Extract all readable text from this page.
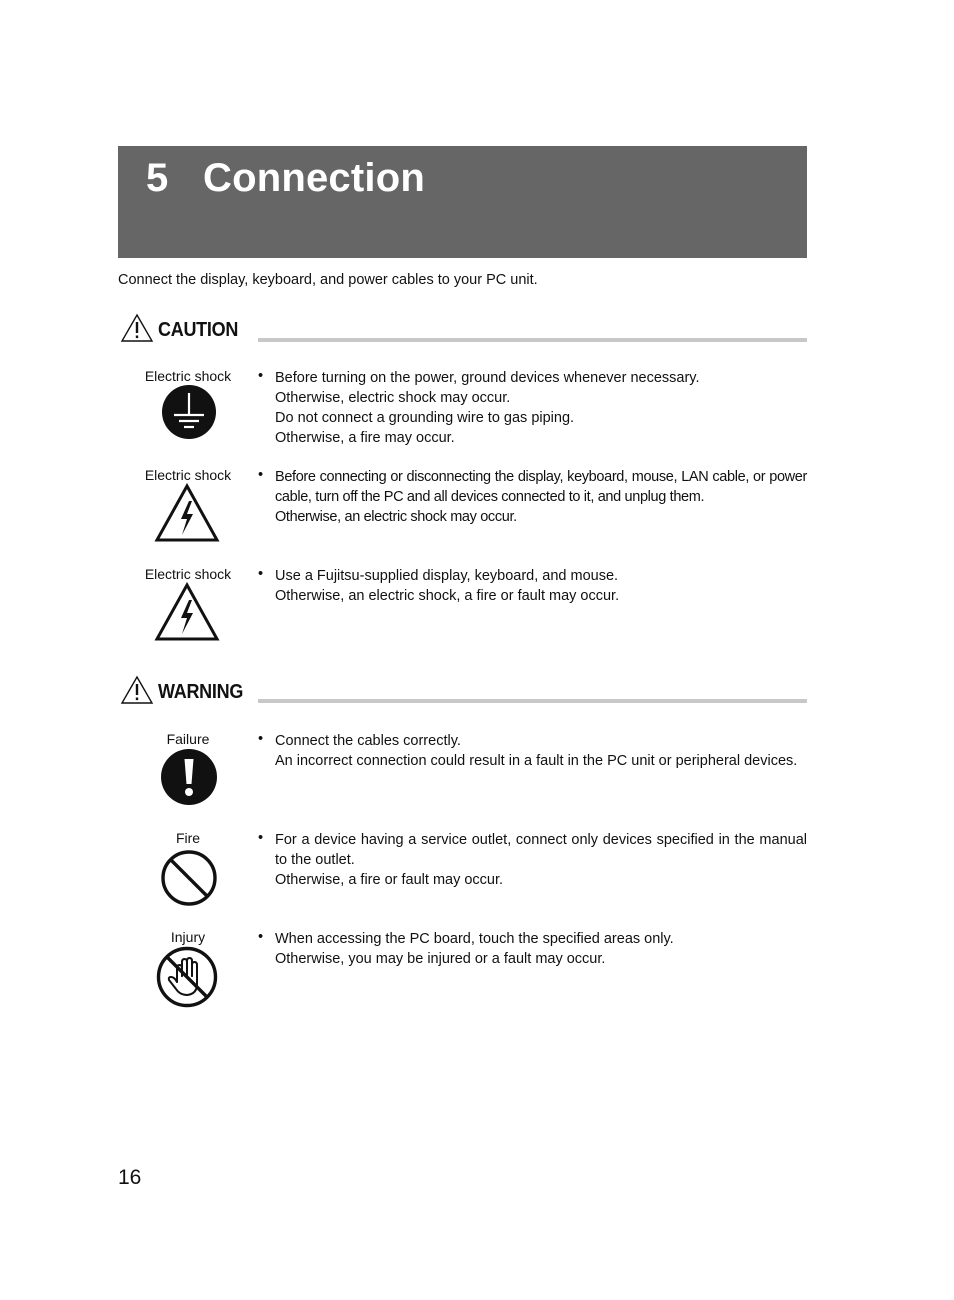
5 Connection
Connect the display, keyboard, and power cables to your PC unit.
CAUTION
Electric shock	• Before turning on the power, ground devices whenever necessary.
Otherwise, electric shock may occur.
Do not connect a grounding wire to gas piping.
Otherwise, a fire may occur.
Electric shock	• Before connecting or disconnecting the display, keyboard, mouse, LAN cable, or power cable, turn off the PC and all devices connected to it, and unplug them.
Otherwise, an electric shock may occur.
Electric shock	• Use a Fujitsu-supplied display, keyboard, and mouse.
Otherwise, an electric shock, a fire or fault may occur.
WARNING
Failure	• Connect the cables correctly.
An incorrect connection could result in a fault in the PC unit or peripheral devices.
Fire	• For a device having a service outlet, connect only devices specified in the manual to the outlet.
Otherwise, a fire or fault may occur.
Injury	• When accessing the PC board, touch the specified areas only.
Otherwise, you may be injured or a fault may occur.
16
